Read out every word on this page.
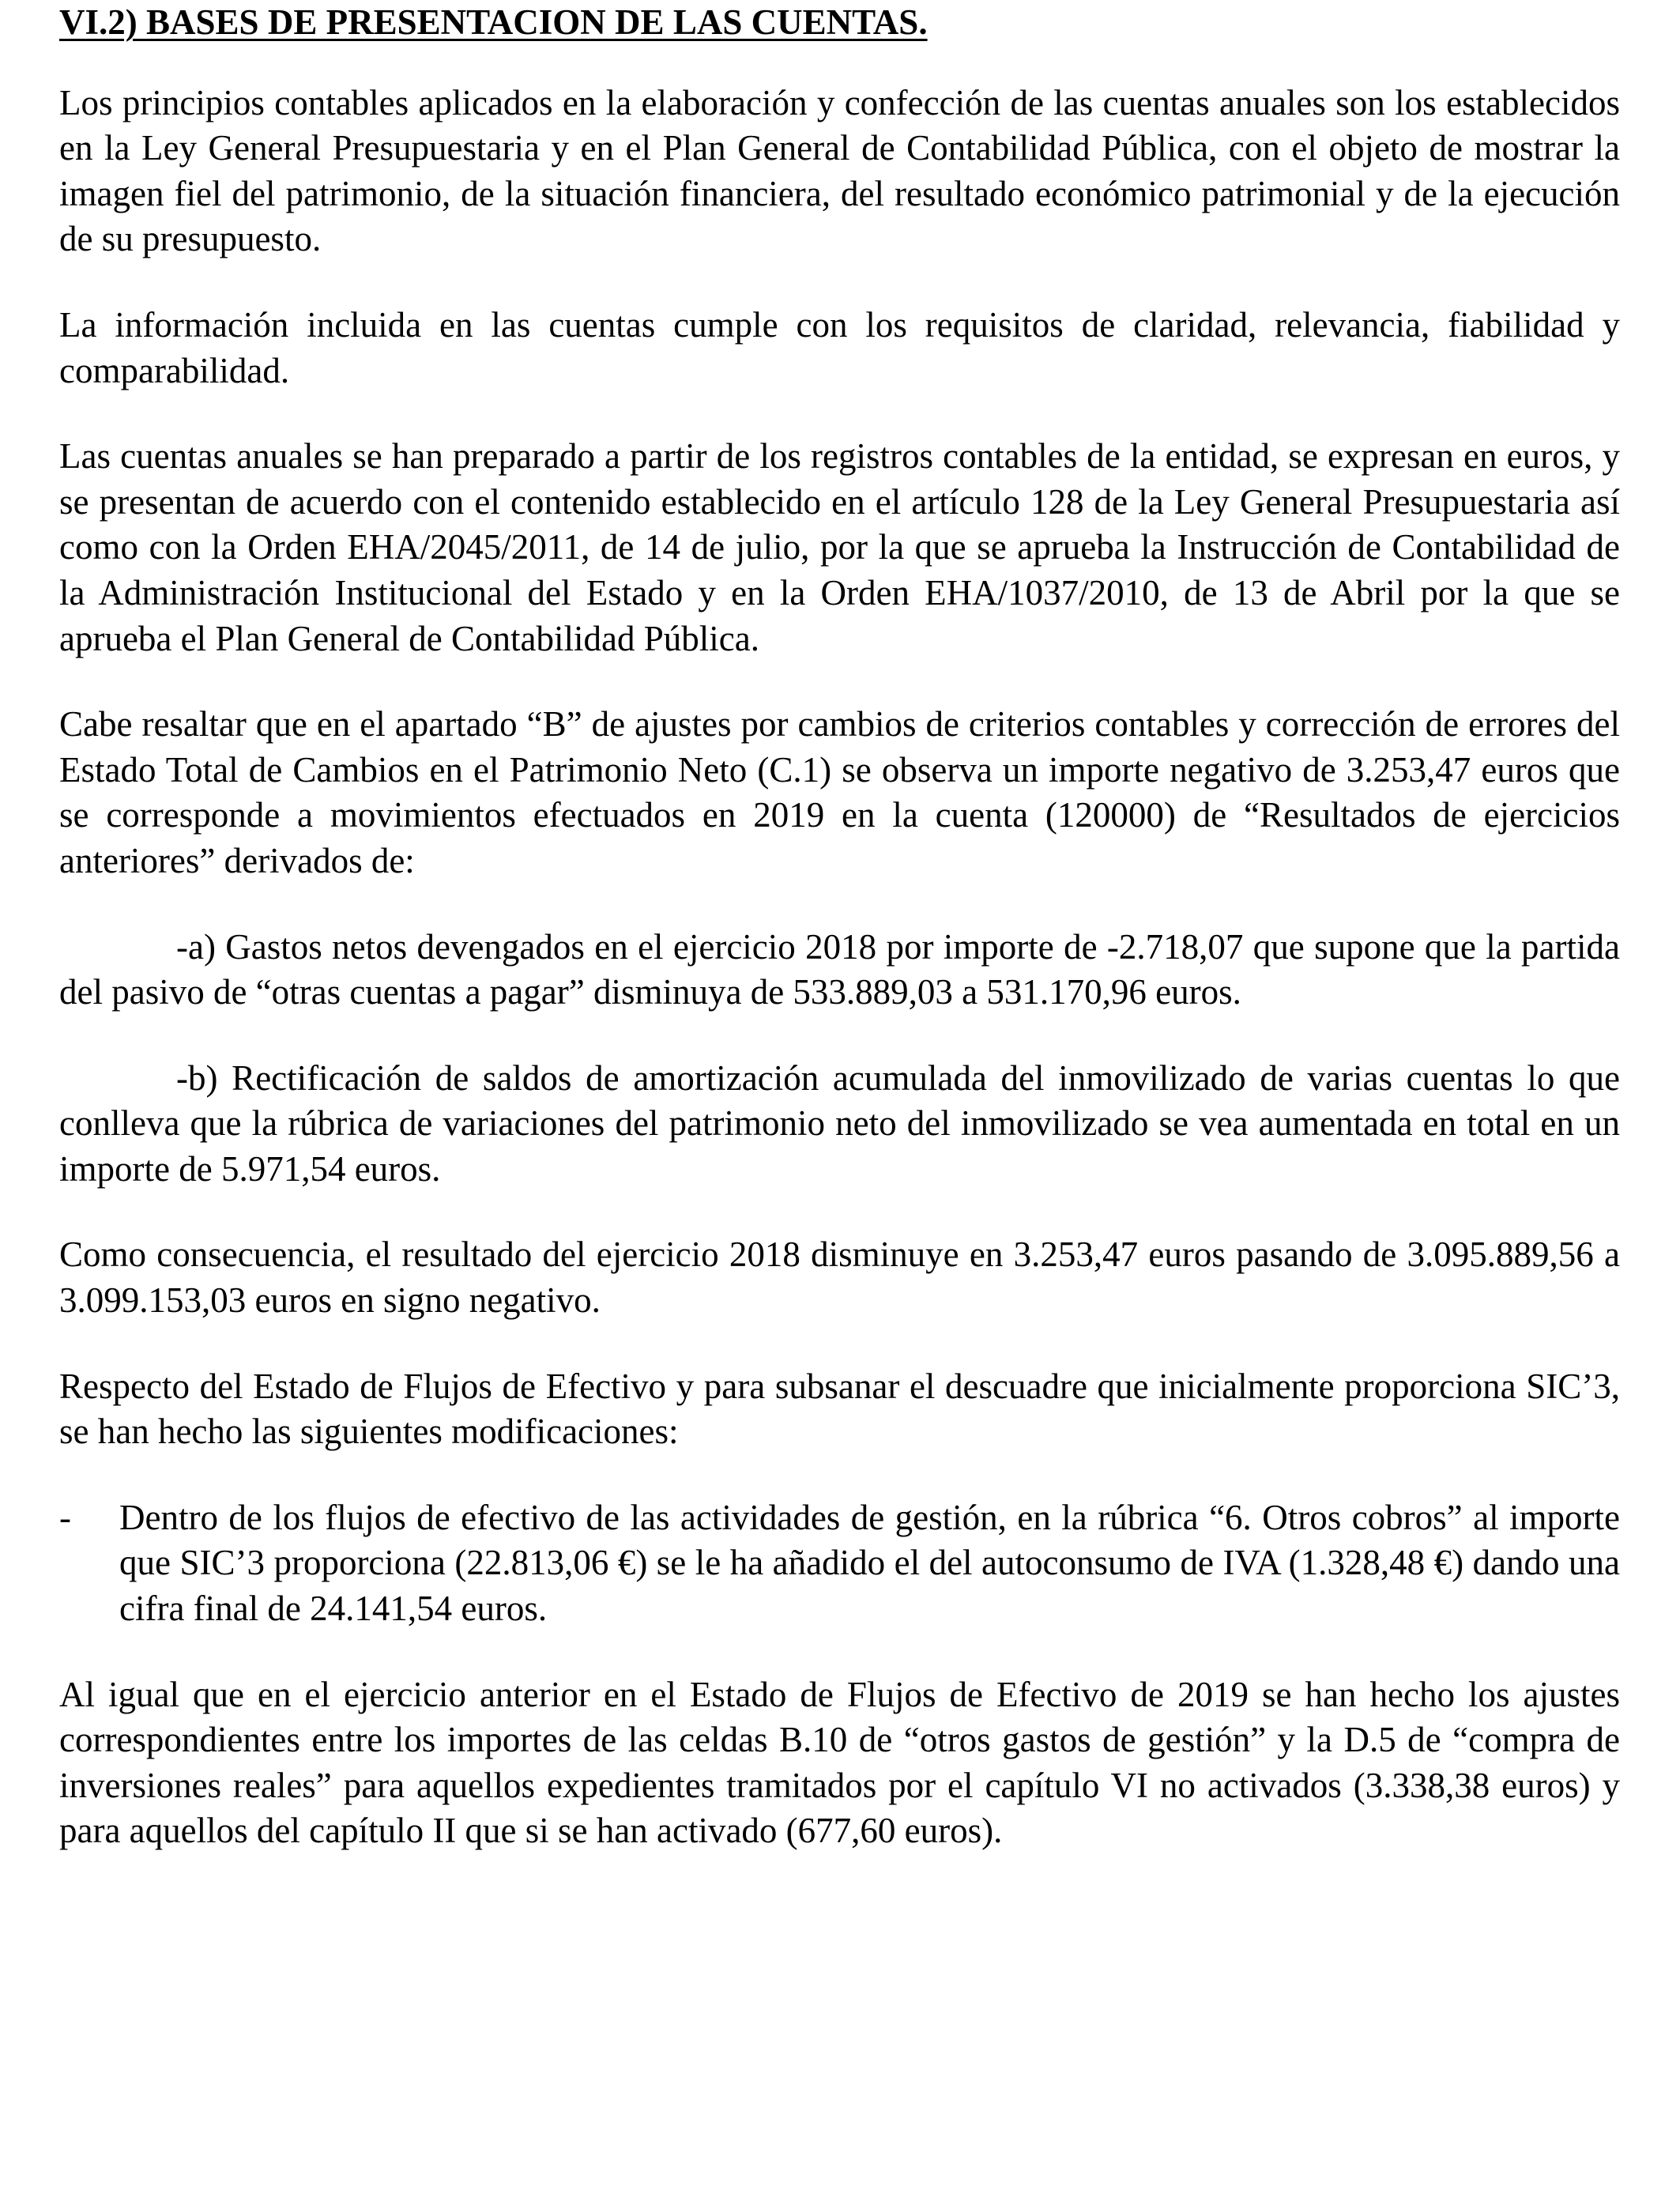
VI.2) BASES DE PRESENTACION DE LAS CUENTAS.

Los principios contables aplicados en la elaboración y confección de las cuentas anuales son los establecidos en la Ley General Presupuestaria y en el Plan General de Contabilidad Pública, con el objeto de mostrar la imagen fiel del patrimonio, de la situación financiera, del resultado económico patrimonial y de la ejecución de su presupuesto.

La información incluida en las cuentas cumple con los requisitos de claridad, relevancia, fiabilidad y comparabilidad.

Las cuentas anuales se han preparado a partir de los registros contables de la entidad, se expresan en euros, y se presentan de acuerdo con el contenido establecido en el artículo 128 de la Ley General Presupuestaria así como con la Orden EHA/2045/2011, de 14 de julio, por la que se aprueba la Instrucción de Contabilidad de la Administración Institucional del Estado y en la Orden EHA/1037/2010, de 13 de Abril por la que se aprueba el Plan General de Contabilidad Pública.

Cabe resaltar que en el apartado “B” de ajustes por cambios de criterios contables y corrección de errores del Estado Total de Cambios en el Patrimonio Neto (C.1) se observa un importe negativo de 3.253,47 euros que se corresponde a movimientos efectuados en 2019 en la cuenta (120000) de “Resultados de ejercicios anteriores” derivados de:

-a) Gastos netos devengados en el ejercicio 2018 por importe de -2.718,07 que supone que la partida del pasivo de “otras cuentas a pagar” disminuya de 533.889,03 a 531.170,96 euros.

-b) Rectificación de saldos de amortización acumulada del inmovilizado de varias cuentas lo que conlleva que la rúbrica de variaciones del patrimonio neto del inmovilizado se vea aumentada en total en un importe de 5.971,54 euros.

Como consecuencia, el resultado del ejercicio 2018 disminuye en 3.253,47 euros pasando de 3.095.889,56 a 3.099.153,03 euros en signo negativo.

Respecto del Estado de Flujos de Efectivo y para subsanar el descuadre que inicialmente proporciona SIC’3, se han hecho las siguientes modificaciones:

-	Dentro de los flujos de efectivo de las actividades de gestión, en la rúbrica “6. Otros cobros” al importe que SIC’3 proporciona (22.813,06 €) se le ha añadido el del autoconsumo de IVA (1.328,48 €) dando una cifra final de 24.141,54 euros.

Al igual que en el ejercicio anterior en el Estado de Flujos de Efectivo de 2019 se han hecho los ajustes correspondientes entre los importes de las celdas B.10 de “otros gastos de gestión” y la D.5 de “compra de inversiones reales” para aquellos expedientes tramitados por el capítulo VI no activados (3.338,38 euros) y para aquellos del capítulo II que si se han activado (677,60 euros).
